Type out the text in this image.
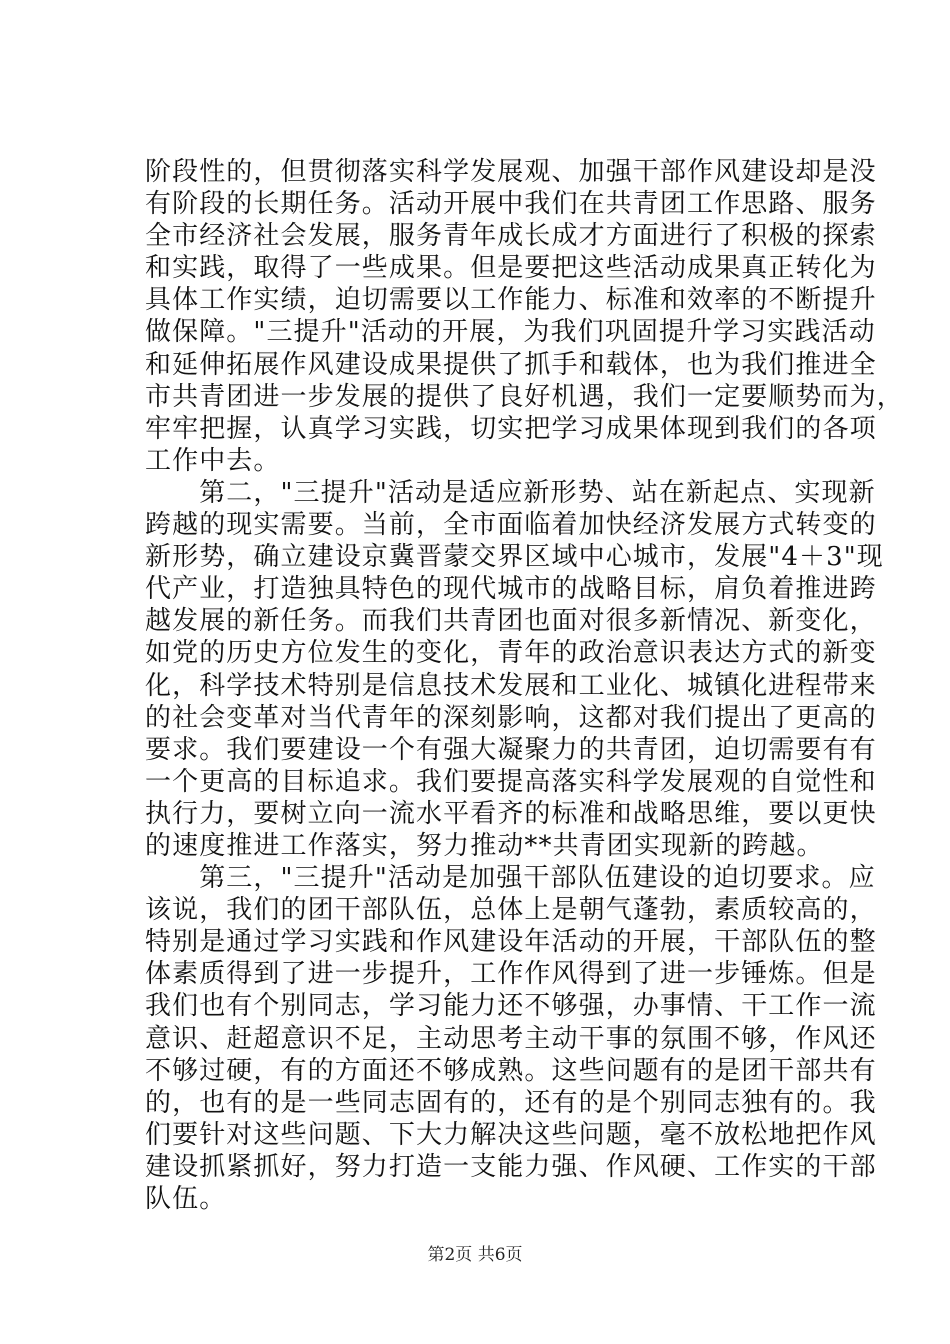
阶段性的，但贯彻落实科学发展观、加强干部作风建设却是没
有阶段的长期任务。活动开展中我们在共青团工作思路、服务
全市经济社会发展，服务青年成长成才方面进行了积极的探索
和实践，取得了一些成果。但是要把这些活动成果真正转化为
具体工作实绩，迫切需要以工作能力、标准和效率的不断提升
做保障。"三提升"活动的开展，为我们巩固提升学习实践活动
和延伸拓展作风建设成果提供了抓手和载体，也为我们推进全
市共青团进一步发展的提供了良好机遇，我们一定要顺势而为，
牢牢把握，认真学习实践，切实把学习成果体现到我们的各项
工作中去。
　　第二，"三提升"活动是适应新形势、站在新起点、实现新
跨越的现实需要。当前，全市面临着加快经济发展方式转变的
新形势，确立建设京冀晋蒙交界区域中心城市，发展"4＋3"现
代产业，打造独具特色的现代城市的战略目标，肩负着推进跨
越发展的新任务。而我们共青团也面对很多新情况、新变化，
如党的历史方位发生的变化，青年的政治意识表达方式的新变
化，科学技术特别是信息技术发展和工业化、城镇化进程带来
的社会变革对当代青年的深刻影响，这都对我们提出了更高的
要求。我们要建设一个有强大凝聚力的共青团，迫切需要有有
一个更高的目标追求。我们要提高落实科学发展观的自觉性和
执行力，要树立向一流水平看齐的标准和战略思维，要以更快
的速度推进工作落实，努力推动**共青团实现新的跨越。
　　第三，"三提升"活动是加强干部队伍建设的迫切要求。应
该说，我们的团干部队伍，总体上是朝气蓬勃，素质较高的，
特别是通过学习实践和作风建设年活动的开展，干部队伍的整
体素质得到了进一步提升，工作作风得到了进一步锤炼。但是
我们也有个别同志，学习能力还不够强，办事情、干工作一流
意识、赶超意识不足，主动思考主动干事的氛围不够，作风还
不够过硬，有的方面还不够成熟。这些问题有的是团干部共有
的，也有的是一些同志固有的，还有的是个别同志独有的。我
们要针对这些问题、下大力解决这些问题，毫不放松地把作风
建设抓紧抓好，努力打造一支能力强、作风硬、工作实的干部
队伍。
第2页 共6页
